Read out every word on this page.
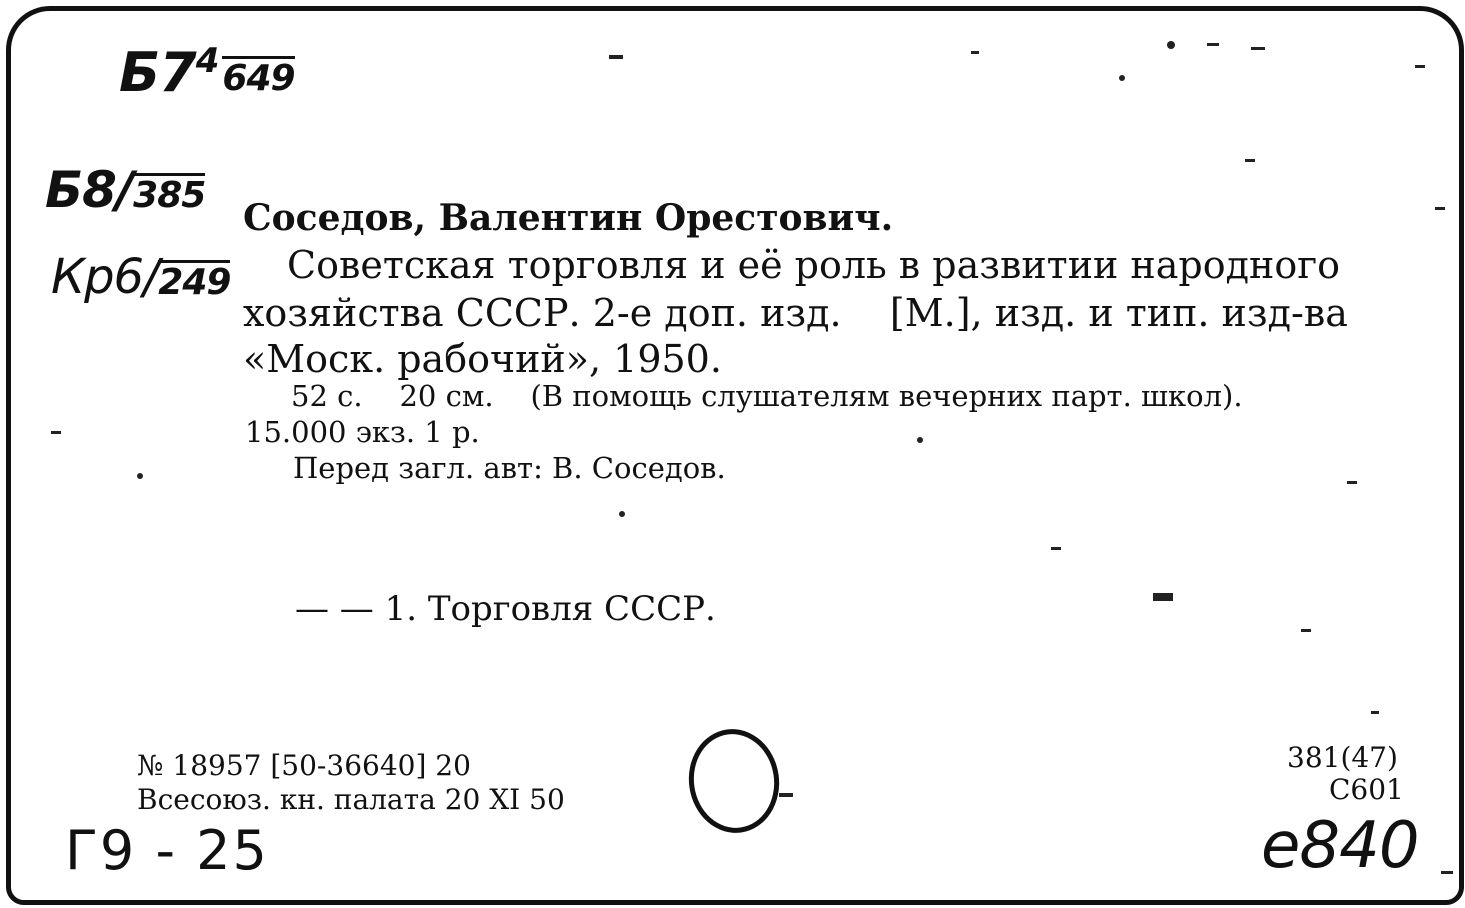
$Б7^4$ 649
Б8/ 385
Кр6/ 249
Соседов, Валентин Орестович.
Советская торговля и её роль в развитии народного
хозяйства СССР. 2-е доп. изд.    [М.], изд. и тип. изд-ва
«Моск. рабочий», 1950.
52 с.    20 см.    (В помощь слушателям вечерних парт. школ).
15.000 экз. 1 р.
Перед загл. авт: В. Соседов.
— — 1. Торговля СССР.
№ 18957 [50-36640] 20
Всесоюз. кн. палата 20 XI 50
381(47)
С601
Г9 - 25	е840
